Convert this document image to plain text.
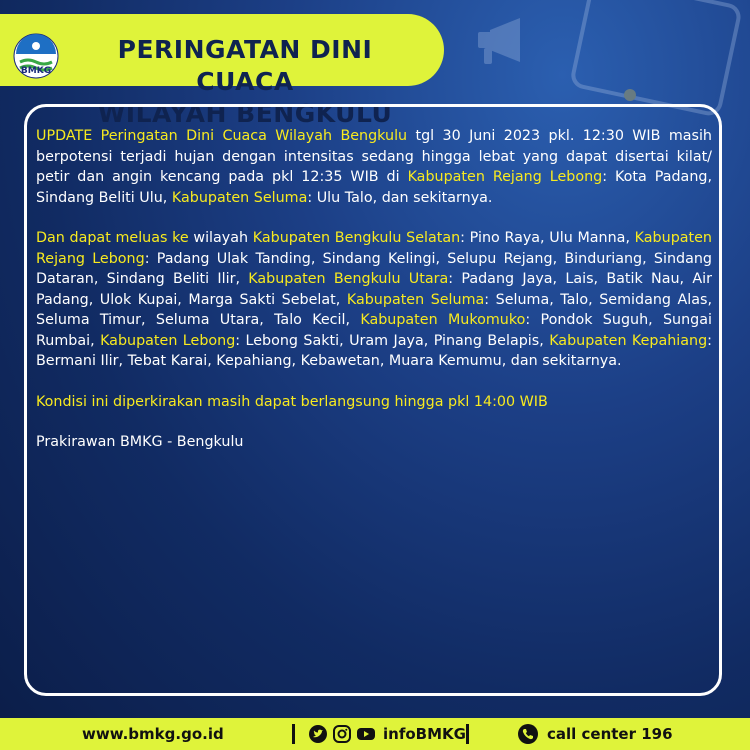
BMKG
PERINGATAN DINI CUACA
WILAYAH BENGKULU

UPDATE Peringatan Dini Cuaca Wilayah Bengkulu tgl 30 Juni 2023 pkl. 12:30 WIB masih berpotensi terjadi hujan dengan intensitas sedang hingga lebat yang dapat disertai kilat/ petir dan angin kencang pada pkl 12:35 WIB di Kabupaten Rejang Lebong: Kota Padang, Sindang Beliti Ulu, Kabupaten Seluma: Ulu Talo, dan sekitarnya.

Dan dapat meluas ke wilayah Kabupaten Bengkulu Selatan: Pino Raya, Ulu Manna, Kabupaten Rejang Lebong: Padang Ulak Tanding, Sindang Kelingi, Selupu Rejang, Binduriang, Sindang Dataran, Sindang Beliti Ilir, Kabupaten Bengkulu Utara: Padang Jaya, Lais, Batik Nau, Air Padang, Ulok Kupai, Marga Sakti Sebelat, Kabupaten Seluma: Seluma, Talo, Semidang Alas, Seluma Timur, Seluma Utara, Talo Kecil, Kabupaten Mukomuko: Pondok Suguh, Sungai Rumbai, Kabupaten Lebong: Lebong Sakti, Uram Jaya, Pinang Belapis, Kabupaten Kepahiang: Bermani Ilir, Tebat Karai, Kepahiang, Kebawetan, Muara Kemumu, dan sekitarnya.

Kondisi ini diperkirakan masih dapat berlangsung hingga pkl 14:00 WIB

Prakirawan BMKG - Bengkulu

www.bmkg.go.id	infoBMKG	call center 196
